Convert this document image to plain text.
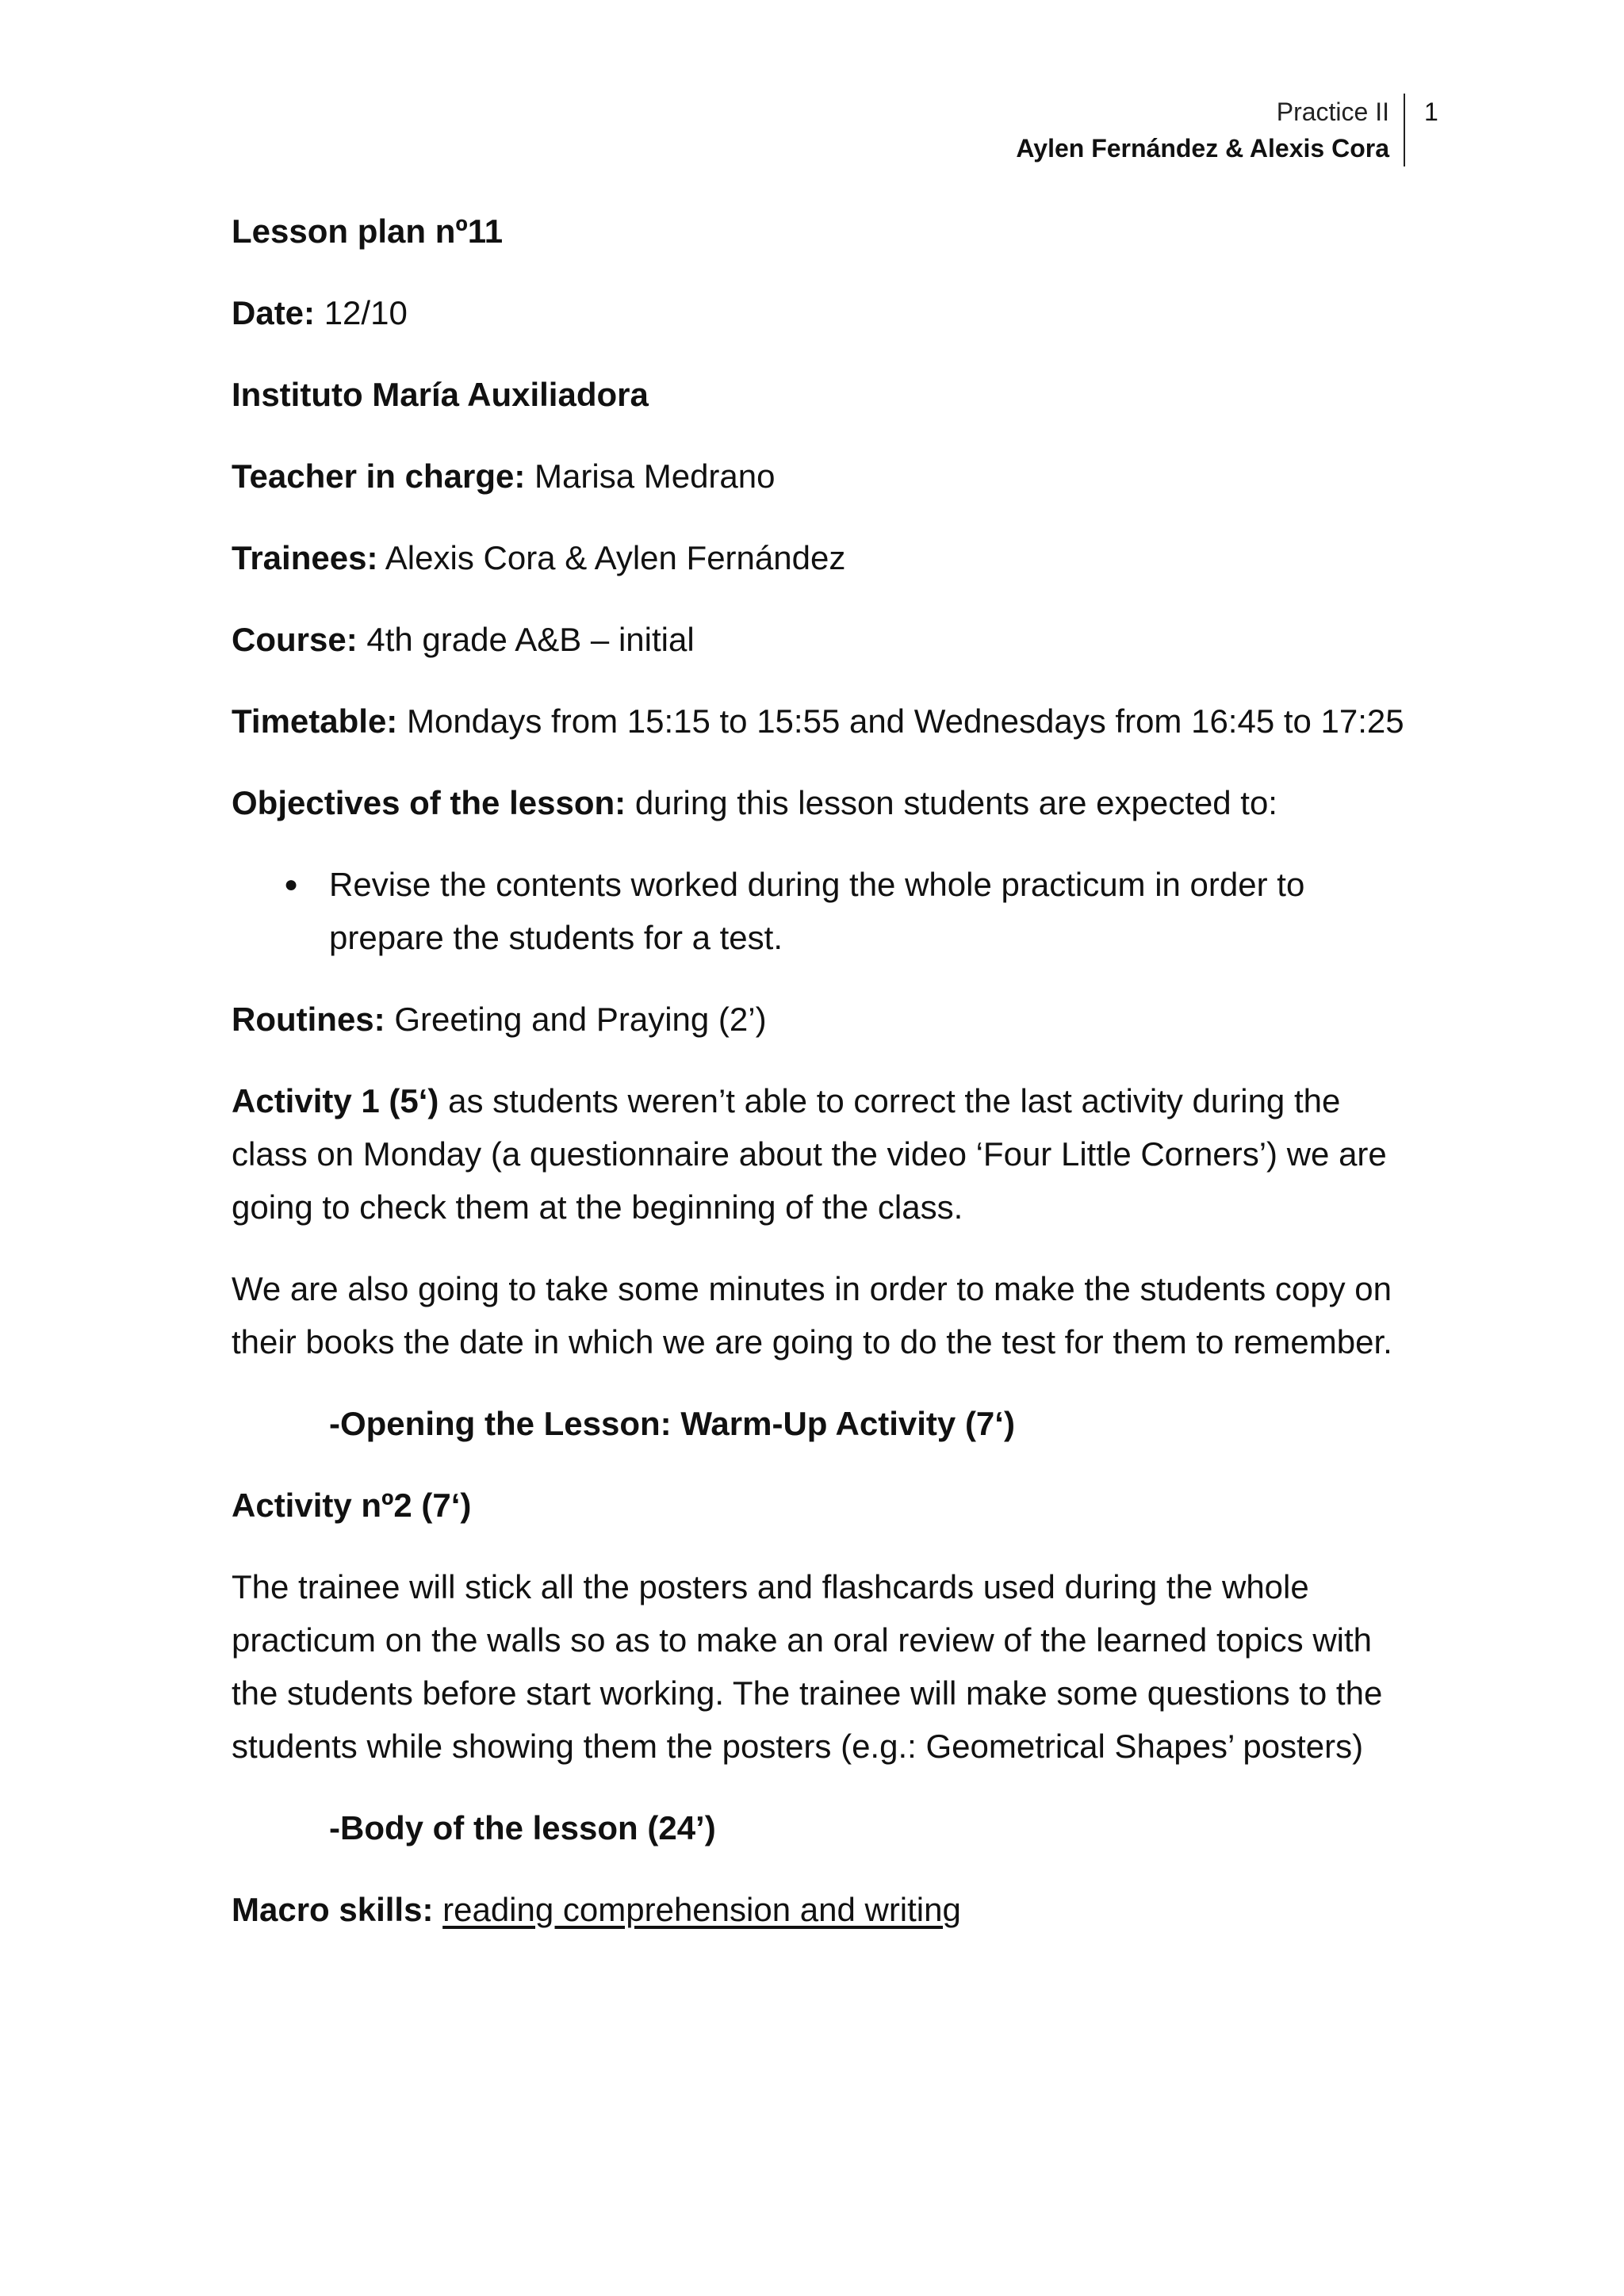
Practice II
Aylen Fernández & Alexis Cora
1

Lesson plan nº11

Date: 12/10

Instituto María Auxiliadora

Teacher in charge: Marisa Medrano

Trainees: Alexis Cora & Aylen Fernández

Course: 4th grade A&B – initial

Timetable: Mondays from 15:15 to 15:55 and Wednesdays from 16:45 to 17:25

Objectives of the lesson: during this lesson students are expected to:

● Revise the contents worked during the whole practicum in order to prepare the students for a test.

Routines: Greeting and Praying (2’)

Activity 1 (5‘) as students weren’t able to correct the last activity during the class on Monday (a questionnaire about the video ‘Four Little Corners’) we are going to check them at the beginning of the class.

We are also going to take some minutes in order to make the students copy on their books the date in which we are going to do the test for them to remember.

-Opening the Lesson: Warm-Up Activity (7‘)

Activity nº2 (7‘)

The trainee will stick all the posters and flashcards used during the whole practicum on the walls so as to make an oral review of the learned topics with the students before start working. The trainee will make some questions to the students while showing them the posters (e.g.: Geometrical Shapes’ posters)

-Body of the lesson (24’)

Macro skills: reading comprehension and writing
